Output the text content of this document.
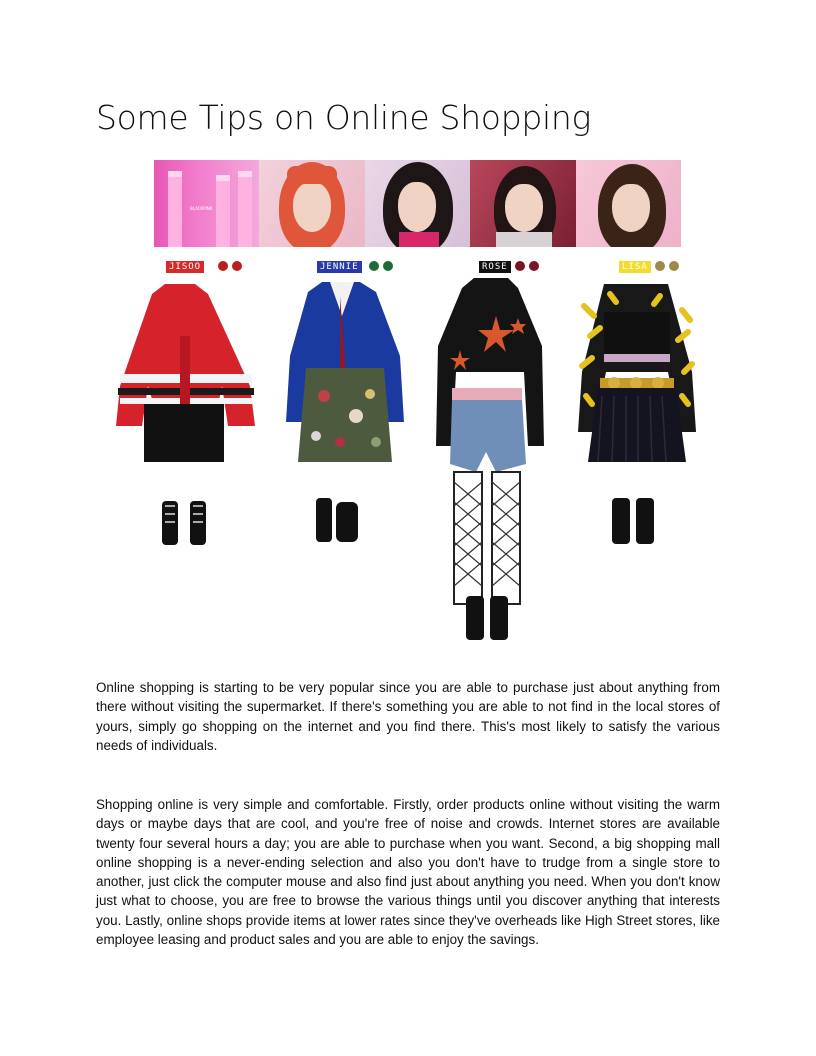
Some Tips on Online Shopping
BLACKPINK
JISOO	JENNIE	ROSE	LISA

Online shopping is starting to be very popular since you are able to purchase just about anything from there without visiting the supermarket. If there's something you are able to not find in the local stores of yours, simply go shopping on the internet and you find there. This's most likely to satisfy the various needs of individuals.

Shopping online is very simple and comfortable. Firstly, order products online without visiting the warm days or maybe days that are cool, and you're free of noise and crowds. Internet stores are available twenty four several hours a day; you are able to purchase when you want. Second, a big shopping mall online shopping is a never-ending selection and also you don't have to trudge from a single store to another, just click the computer mouse and also find just about anything you need. When you don't know just what to choose, you are free to browse the various things until you discover anything that interests you. Lastly, online shops provide items at lower rates since they've overheads like High Street stores, like employee leasing and product sales and you are able to enjoy the savings.
